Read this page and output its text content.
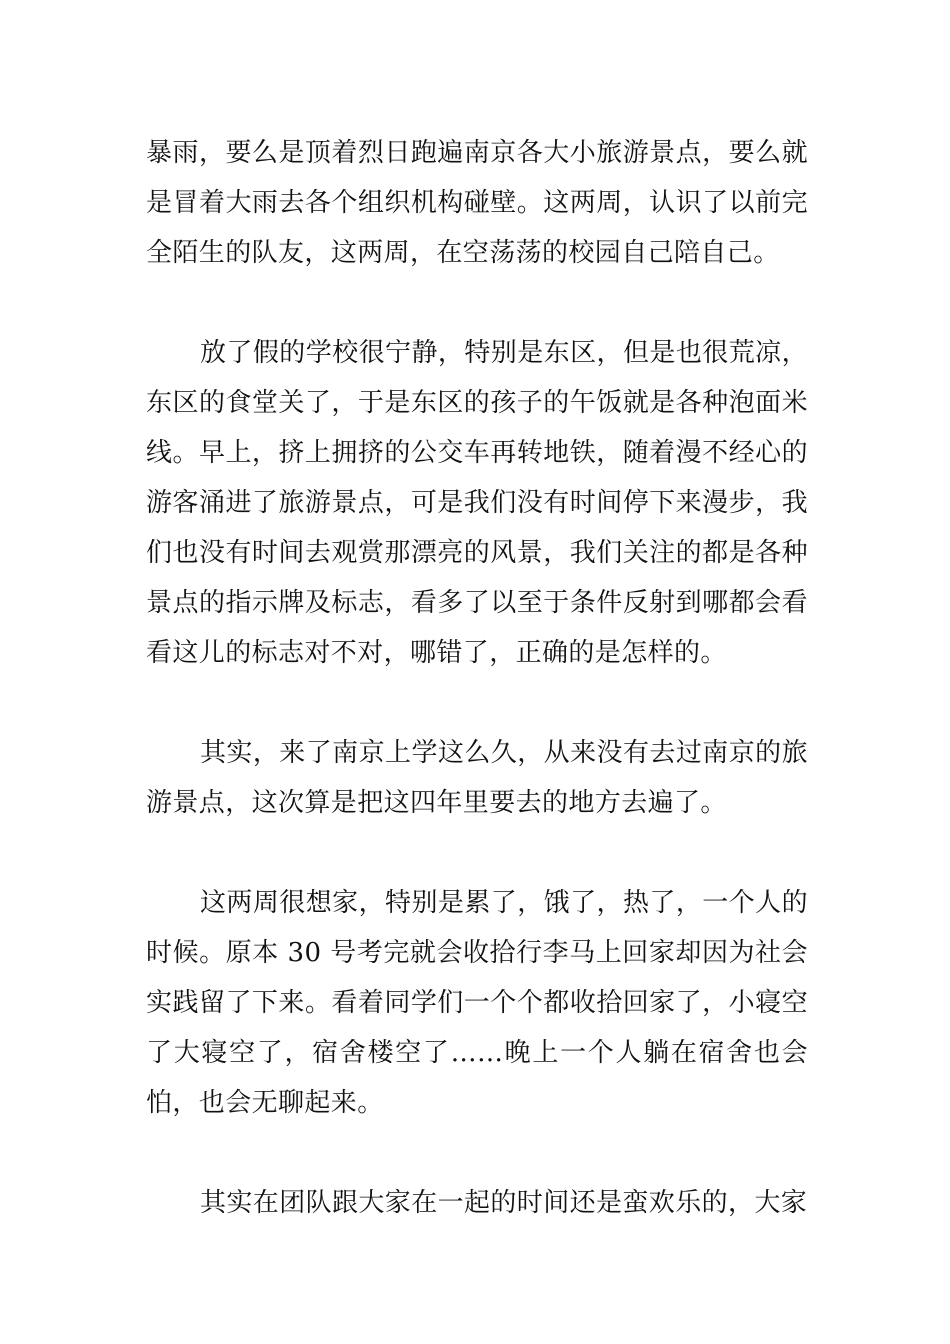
暴雨，要么是顶着烈日跑遍南京各大小旅游景点，要么就是冒着大雨去各个组织机构碰壁。这两周，认识了以前完全陌生的队友，这两周，在空荡荡的校园自己陪自己。

放了假的学校很宁静，特别是东区，但是也很荒凉，东区的食堂关了，于是东区的孩子的午饭就是各种泡面米线。早上，挤上拥挤的公交车再转地铁，随着漫不经心的游客涌进了旅游景点，可是我们没有时间停下来漫步，我们也没有时间去观赏那漂亮的风景，我们关注的都是各种景点的指示牌及标志，看多了以至于条件反射到哪都会看看这儿的标志对不对，哪错了，正确的是怎样的。

其实，来了南京上学这么久，从来没有去过南京的旅游景点，这次算是把这四年里要去的地方去遍了。

这两周很想家，特别是累了，饿了，热了，一个人的时候。原本 30 号考完就会收拾行李马上回家却因为社会实践留了下来。看着同学们一个个都收拾回家了，小寝空了大寝空了，宿舍楼空了……晚上一个人躺在宿舍也会怕，也会无聊起来。

其实在团队跟大家在一起的时间还是蛮欢乐的，大家
